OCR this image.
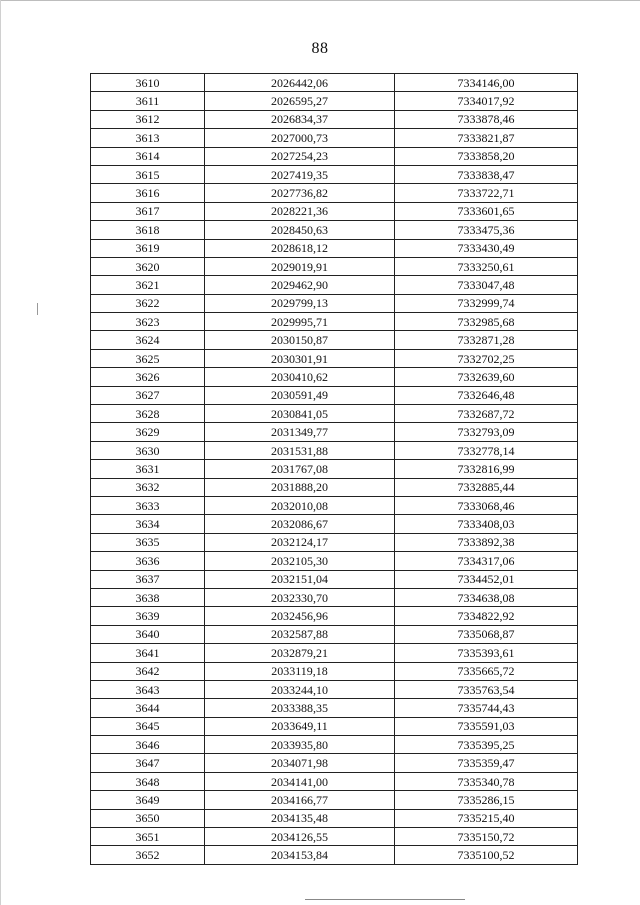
88
3610	2026442,06	7334146,00
3611	2026595,27	7334017,92
3612	2026834,37	7333878,46
3613	2027000,73	7333821,87
3614	2027254,23	7333858,20
3615	2027419,35	7333838,47
3616	2027736,82	7333722,71
3617	2028221,36	7333601,65
3618	2028450,63	7333475,36
3619	2028618,12	7333430,49
3620	2029019,91	7333250,61
3621	2029462,90	7333047,48
3622	2029799,13	7332999,74
3623	2029995,71	7332985,68
3624	2030150,87	7332871,28
3625	2030301,91	7332702,25
3626	2030410,62	7332639,60
3627	2030591,49	7332646,48
3628	2030841,05	7332687,72
3629	2031349,77	7332793,09
3630	2031531,88	7332778,14
3631	2031767,08	7332816,99
3632	2031888,20	7332885,44
3633	2032010,08	7333068,46
3634	2032086,67	7333408,03
3635	2032124,17	7333892,38
3636	2032105,30	7334317,06
3637	2032151,04	7334452,01
3638	2032330,70	7334638,08
3639	2032456,96	7334822,92
3640	2032587,88	7335068,87
3641	2032879,21	7335393,61
3642	2033119,18	7335665,72
3643	2033244,10	7335763,54
3644	2033388,35	7335744,43
3645	2033649,11	7335591,03
3646	2033935,80	7335395,25
3647	2034071,98	7335359,47
3648	2034141,00	7335340,78
3649	2034166,77	7335286,15
3650	2034135,48	7335215,40
3651	2034126,55	7335150,72
3652	2034153,84	7335100,52
